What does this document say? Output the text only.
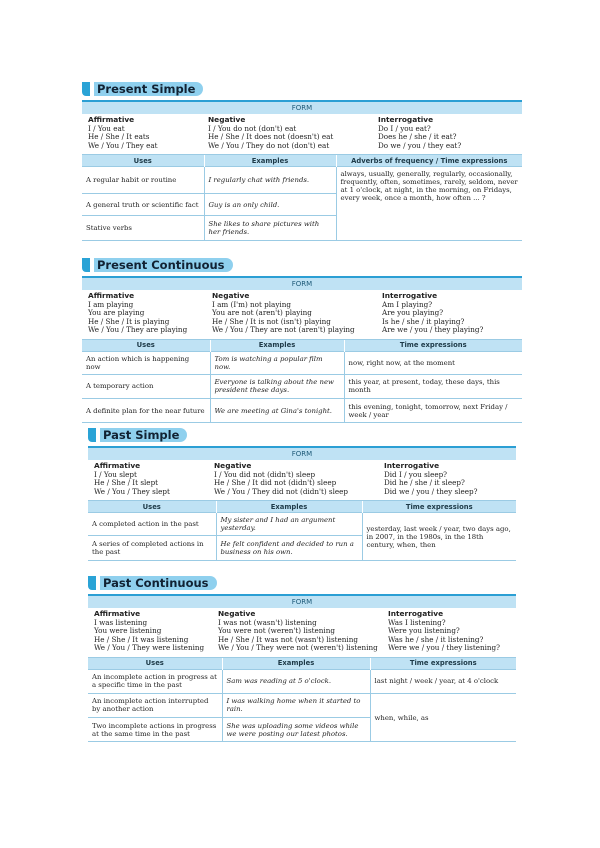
Present Simple
FORM
Affirmative
I / You eat
He / She / It eats
We / You / They eat
Negative
I / You do not (don't) eat
He / She / It does not (doesn't) eat
We / You / They do not (don't) eat
Interrogative
Do I / you eat?
Does he / she / it eat?
Do we / you / they eat?
Uses	Examples	Adverbs of frequency / Time expressions
A regular habit or routine	I regularly chat with friends.	always, usually, generally, regularly, occasionally, frequently, often, sometimes, rarely, seldom, never at 1 o'clock, at night, in the morning, on Fridays, every week, once a month, how often ... ?
A general truth or scientific fact	Guy is an only child.	
Stative verbs	She likes to share pictures with her friends.	
Present Continuous
FORM
Affirmative
I am playing
You are playing
He / She / It is playing
We / You / They are playing
Negative
I am (I'm) not playing
You are not (aren't) playing
He / She / It is not (isn't) playing
We / You / They are not (aren't) playing
Interrogative
Am I playing?
Are you playing?
Is he / she / it playing?
Are we / you / they playing?
Uses	Examples	Time expressions
An action which is happening now	Tom is watching a popular film now.	now, right now, at the moment
A temporary action	Everyone is talking about the new president these days.	this year, at present, today, these days, this month
A definite plan for the near future	We are meeting at Gina's tonight.	this evening, tonight, tomorrow, next Friday / week / year
Past Simple
FORM
Affirmative
I / You slept
He / She / It slept
We / You / They slept
Negative
I / You did not (didn't) sleep
He / She / It did not (didn't) sleep
We / You / They did not (didn't) sleep
Interrogative
Did I / you sleep?
Did he / she / it sleep?
Did we / you / they sleep?
Uses	Examples	Time expressions
A completed action in the past	My sister and I had an argument yesterday.	yesterday, last week / year, two days ago, in 2007, in the 1980s, in the 18th century, when, then
A series of completed actions in the past	He felt confident and decided to run a business on his own.	
Past Continuous
FORM
Affirmative
I was listening
You were listening
He / She / It was listening
We / You / They were listening
Negative
I was not (wasn't) listening
You were not (weren't) listening
He / She / It was not (wasn't) listening
We / You / They were not (weren't) listening
Interrogative
Was I listening?
Were you listening?
Was he / she / it listening?
Were we / you / they listening?
Uses	Examples	Time expressions
An incomplete action in progress at a specific time in the past	Sam was reading at 5 o'clock.	last night / week / year, at 4 o'clock
An incomplete action interrupted by another action	I was walking home when it started to rain.	when, while, as
Two incomplete actions in progress at the same time in the past	She was uploading some videos while we were posting our latest photos.	
